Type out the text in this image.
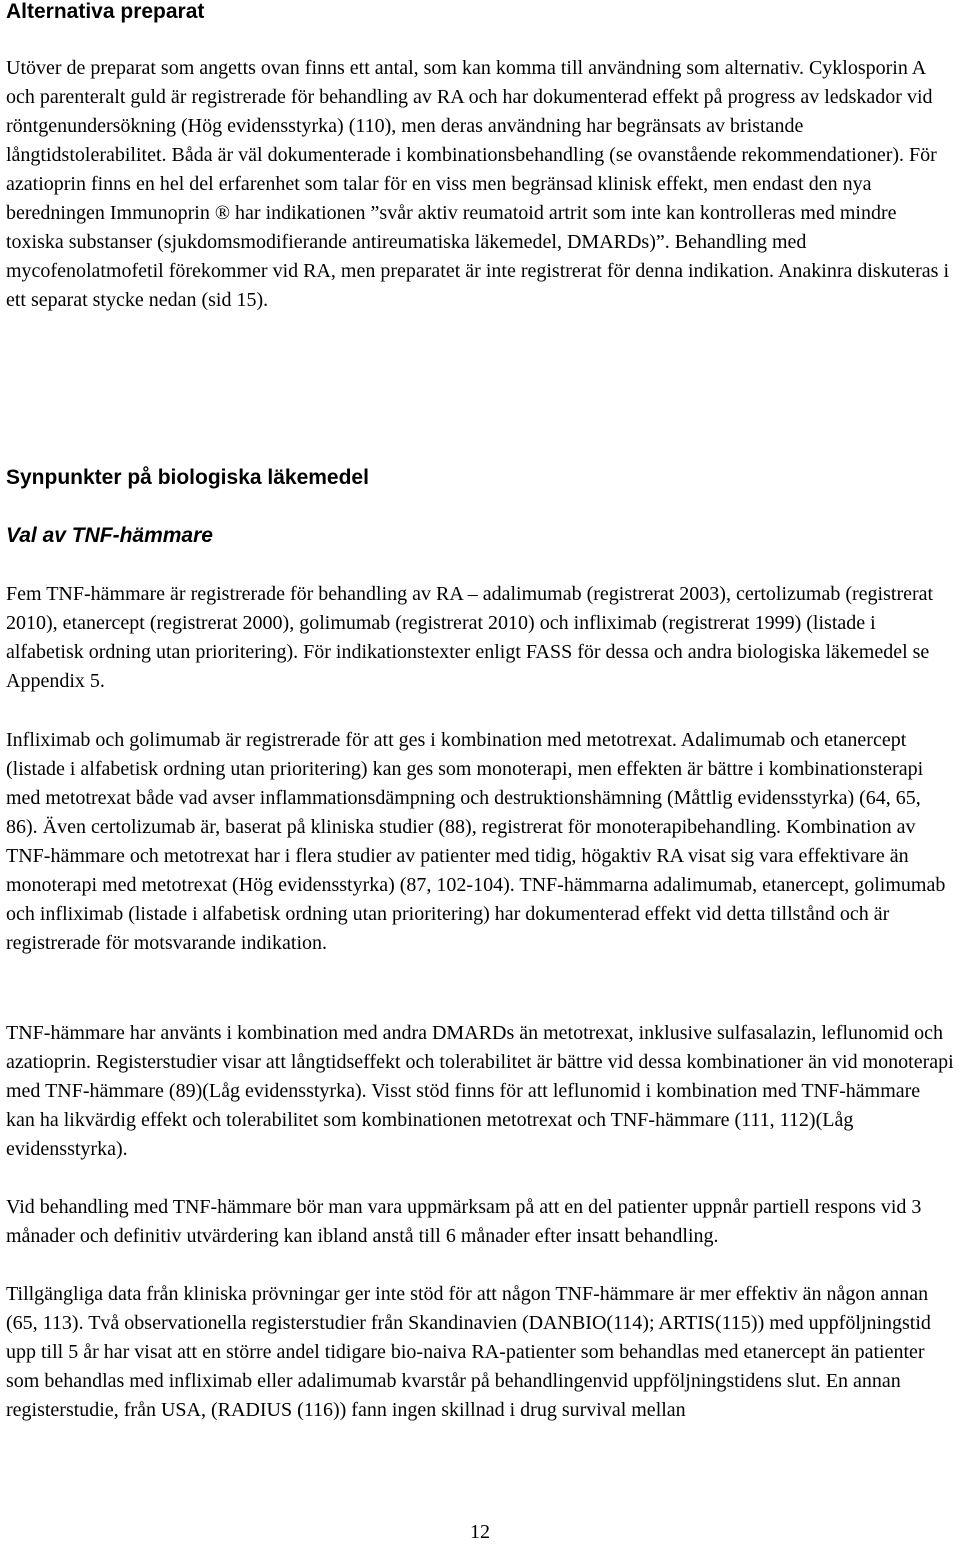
Alternativa preparat

Utöver de preparat som angetts ovan finns ett antal, som kan komma till användning som alternativ. Cyklosporin A och parenteralt guld är registrerade för behandling av RA och har dokumenterad effekt på progress av ledskador vid röntgenundersökning (Hög evidensstyrka) (110), men deras användning har begränsats av bristande långtidstolerabilitet. Båda är väl dokumenterade i kombinationsbehandling (se ovanstående rekommendationer). För azatioprin finns en hel del erfarenhet som talar för en viss men begränsad klinisk effekt, men endast den nya beredningen Immunoprin ® har indikationen ”svår aktiv reumatoid artrit som inte kan kontrolleras med mindre toxiska substanser (sjukdomsmodifierande antireumatiska läkemedel, DMARDs)”. Behandling med mycofenolatmofetil förekommer vid RA, men preparatet är inte registrerat för denna indikation. Anakinra diskuteras i ett separat stycke nedan (sid 15).

Synpunkter på biologiska läkemedel
Val av TNF-hämmare

Fem TNF-hämmare är registrerade för behandling av RA – adalimumab (registrerat 2003), certolizumab (registrerat 2010), etanercept (registrerat 2000), golimumab (registrerat 2010) och infliximab (registrerat 1999) (listade i alfabetisk ordning utan prioritering). För indikationstexter enligt FASS för dessa och andra biologiska läkemedel se Appendix 5.

Infliximab och golimumab är registrerade för att ges i kombination med metotrexat. Adalimumab och etanercept (listade i alfabetisk ordning utan prioritering) kan ges som monoterapi, men effekten är bättre i kombinationsterapi med metotrexat både vad avser inflammationsdämpning och destruktionshämning (Måttlig evidensstyrka) (64, 65, 86). Även certolizumab är, baserat på kliniska studier (88), registrerat för monoterapibehandling. Kombination av TNF-hämmare och metotrexat har i flera studier av patienter med tidig, högaktiv RA visat sig vara effektivare än monoterapi med metotrexat (Hög evidensstyrka) (87, 102-104). TNF-hämmarna adalimumab, etanercept, golimumab och infliximab (listade i alfabetisk ordning utan prioritering) har dokumenterad effekt vid detta tillstånd och är registrerade för motsvarande indikation.

TNF-hämmare har använts i kombination med andra DMARDs än metotrexat, inklusive sulfasalazin, leflunomid och azatioprin. Registerstudier visar att långtidseffekt och tolerabilitet är bättre vid dessa kombinationer än vid monoterapi med TNF-hämmare (89)(Låg evidensstyrka). Visst stöd finns för att leflunomid i kombination med TNF-hämmare kan ha likvärdig effekt och tolerabilitet som kombinationen metotrexat och TNF-hämmare (111, 112)(Låg evidensstyrka).

Vid behandling med TNF-hämmare bör man vara uppmärksam på att en del patienter uppnår partiell respons vid 3 månader och definitiv utvärdering kan ibland anstå till 6 månader efter insatt behandling.

Tillgängliga data från kliniska prövningar ger inte stöd för att någon TNF-hämmare är mer effektiv än någon annan (65, 113). Två observationella registerstudier från Skandinavien (DANBIO(114); ARTIS(115)) med uppföljningstid upp till 5 år har visat att en större andel tidigare bio-naiva RA-patienter som behandlas med etanercept än patienter som behandlas med infliximab eller adalimumab kvarstår på behandlingenvid uppföljningstidens slut. En annan registerstudie, från USA, (RADIUS (116)) fann ingen skillnad i drug survival mellan

12
